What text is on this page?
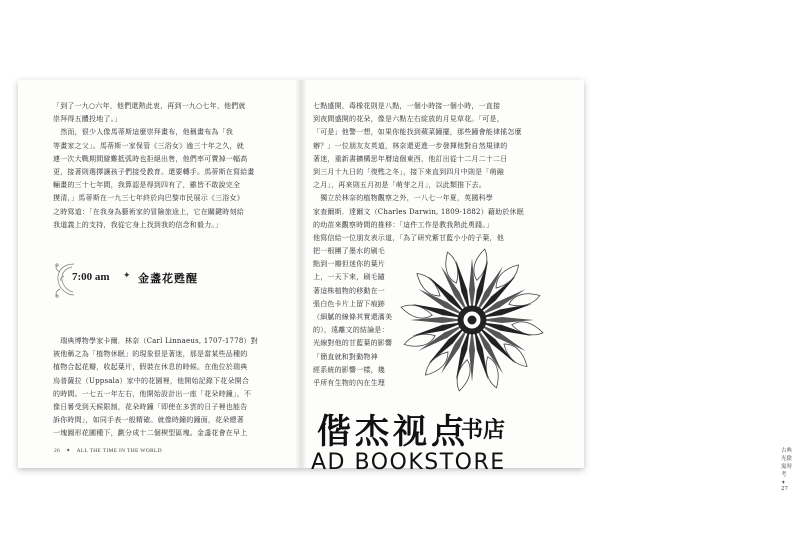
「到了一九○六年，他們還熱此衷，再到一九○七年，他們就
崇拜得五體投地了。」
　然而，很少人像馬蒂斯這麼崇拜畫布，他稱畫布為「我
等畫家之父」。馬蒂斯一家保管《三浴女》逾三十年之久，就
連一次大戰期間避難抵弧時也拒絕出售，他們率可賣掉一幅高
更，接著則選擇讓孩子們接受教育。還要轉手。馬蒂斯在寫給畫
輛畫的三十七年間，我算認是得到四有了，雖皆不敢說完全
摸清，」馬蒂斯在一九三七年終於向巴黎市民展示《三浴女》
之時寫道：「在我身為藝術家的冒險旅途上，它在關鍵時刻給
我道義上的支持，我從它身上找到我的信念和毅力。」
7:00 am ✦ 金盞花甦醒
　瑞典博物學家卡爾．林奈（Carl Linnaeus, 1707-1778）對
被他稱之為「植物休眠」的現象很是著迷，那是當某些品種的
植物合起花瓣，收起葉片，假裝在休息的時候。在他位於瑞典
烏普薩拉（Uppsala）家中的花園裡，他開始記錄下花朵開合
的時間。一七五一年左右，他開始設計出一座「花朵時鐘」，不
像日晷受到天候限制，花朵時鐘「即使在多雲的日子裡也能告
訴你時間」，如同手表一般精確。就像時鐘的鐘面，花朵總著
一塊圓形花圃種下，劃分成十二個楔型區塊。金盞花會在早上
26　✦　ALL THE TIME IN THE WORLD
七點盛開，毒橡花則是八點，一個小時接一個小時，一直接
到夜間盛開的花朵，像是六點左右綻放的月見草花。「可是，
「可是」他警一想，如果你能找到蘋菜鐘擺，那些鐘會能律搖怎麼
辦？」一位朋友友英道，林奈還更進一步發揮他對自然規律的
著迷，重新書擴構思年曆這個東西，他訂出從十二月二十二日
到三月十九日的「復甦之冬」，接下來直到四月中則是「萌融
之月」，再來則五月初是「萌芽之月」，以此類推下去。
　獨立於林奈的植物觀察之外，一八七一年夏，英國科學
家查爾斯．達爾文（Charles Darwin, 1809-1882）藉助於休眠
的幼苗來觀察時間的推移：「這件工作是教我熱此勇踐。」
他寫信給一位朋友表示道，「為了研究紫甘藍小小的子葉，他
把一根團了墨水的刷毛
點到一瓣但迷你的葉片
上，一天下來，刷毛隨
著這株植物的移動在一
張白色卡片上留下痕跡
（細膩的線條其實還滿美
的），遠離文的結論是：
光線對他的甘藍葉的影響
「簡直就和對動物神
經系統的影響一樣，幾
乎所有生物的內在生理
古典光陰寓時考　✦　27
偕杰视点
书店
AD BOOKSTORE
